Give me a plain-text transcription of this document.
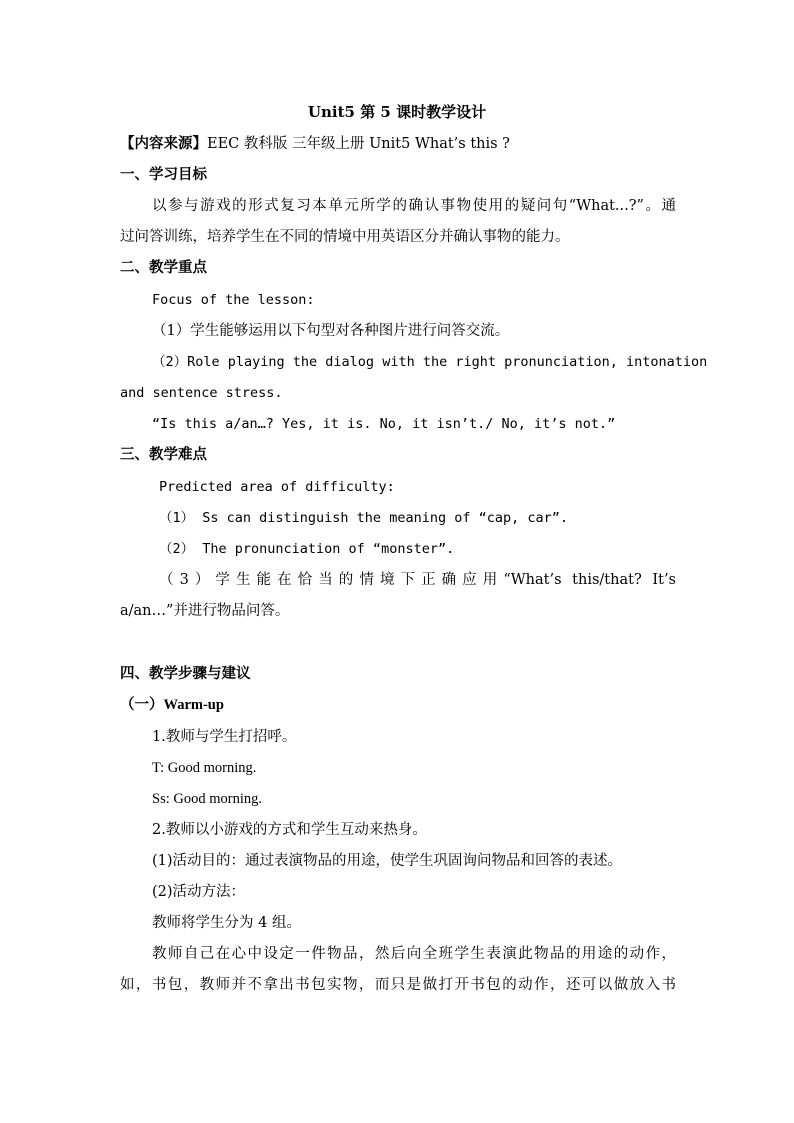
Unit5 第 5 课时教学设计
【内容来源】EEC 教科版 三年级上册 Unit5 What’s this ?
一、学习目标
以参与游戏的形式复习本单元所学的确认事物使用的疑问句“What...?”。通
过问答训练，培养学生在不同的情境中用英语区分并确认事物的能力。
二、教学重点
Focus of the lesson:
（1）学生能够运用以下句型对各种图片进行问答交流。
（2）Role playing the dialog with the right pronunciation, intonation
and sentence stress.
“Is this a/an…? Yes, it is. No, it isn’t./ No, it’s not.”
三、教学难点
Predicted area of difficulty:
（1） Ss can distinguish the meaning of “cap, car”.
（2） The pronunciation of “monster”.
（3）学生能在恰当的情境下正确应用“What’s this/that? It’s
a/an…”并进行物品问答。
四、教学步骤与建议
（一）Warm-up
1.教师与学生打招呼。
T: Good morning.
Ss: Good morning.
2.教师以小游戏的方式和学生互动来热身。
(1)活动目的：通过表演物品的用途，使学生巩固询问物品和回答的表述。
(2)活动方法：
教师将学生分为 4 组。
教师自己在心中设定一件物品，然后向全班学生表演此物品的用途的动作，
如，书包，教师并不拿出书包实物，而只是做打开书包的动作，还可以做放入书
